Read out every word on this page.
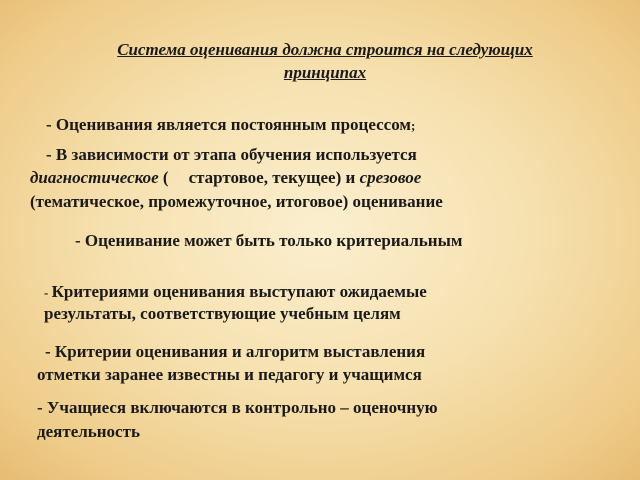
Система оценивания должна строится на следующих
принципах
- Оценивания является постоянным процессом;
- В зависимости от этапа обучения используется
диагностическое ( стартовое, текущее) и срезовое
(тематическое, промежуточное, итоговое) оценивание
- Оценивание может быть только критериальным
- Критериями оценивания выступают ожидаемые
результаты, соответствующие учебным целям
- Критерии оценивания и алгоритм выставления
отметки заранее известны и педагогу и учащимся
- Учащиеся включаются в контрольно – оценочную
деятельность
